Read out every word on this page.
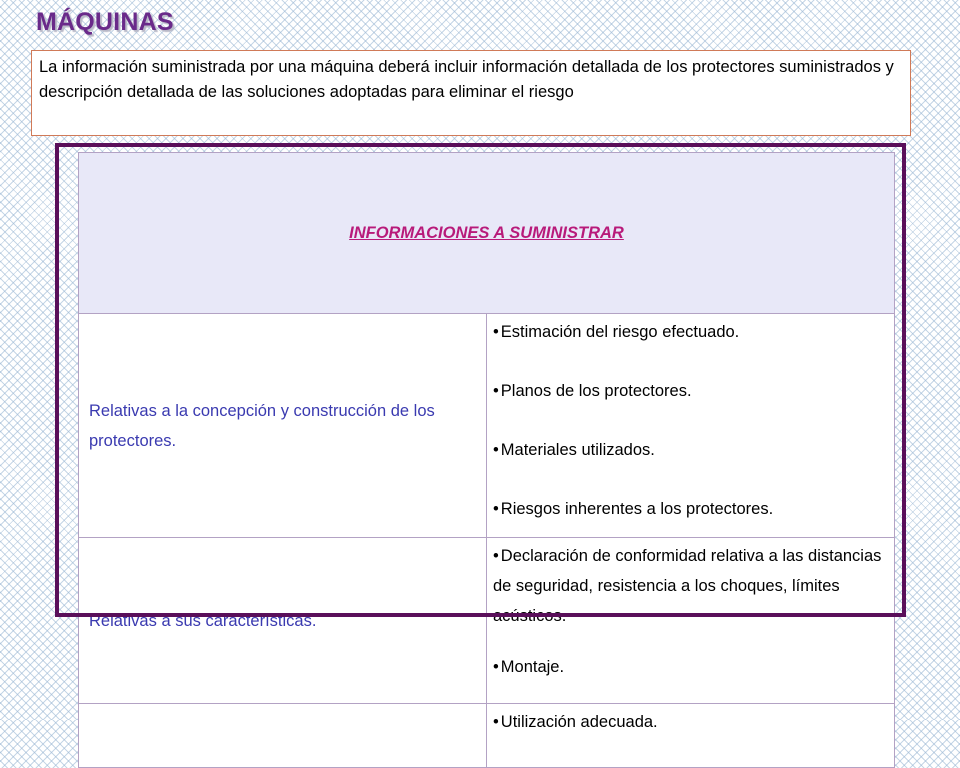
MÁQUINAS
La información suministrada por una máquina deberá incluir información detallada de los protectores suministrados y descripción detallada de las soluciones adoptadas para eliminar el riesgo
INFORMACIONES A SUMINISTRAR	
Relativas a la concepción y construcción de los protectores.	• Estimación del riesgo efectuado.
• Planos de los protectores.
• Materiales utilizados.
• Riesgos inherentes a los protectores.

Relativas a sus características.	• Declaración de conformidad relativa a las distancias de seguridad, resistencia a los choques, límites acústicos.
• Montaje.

	• Utilización adecuada.
